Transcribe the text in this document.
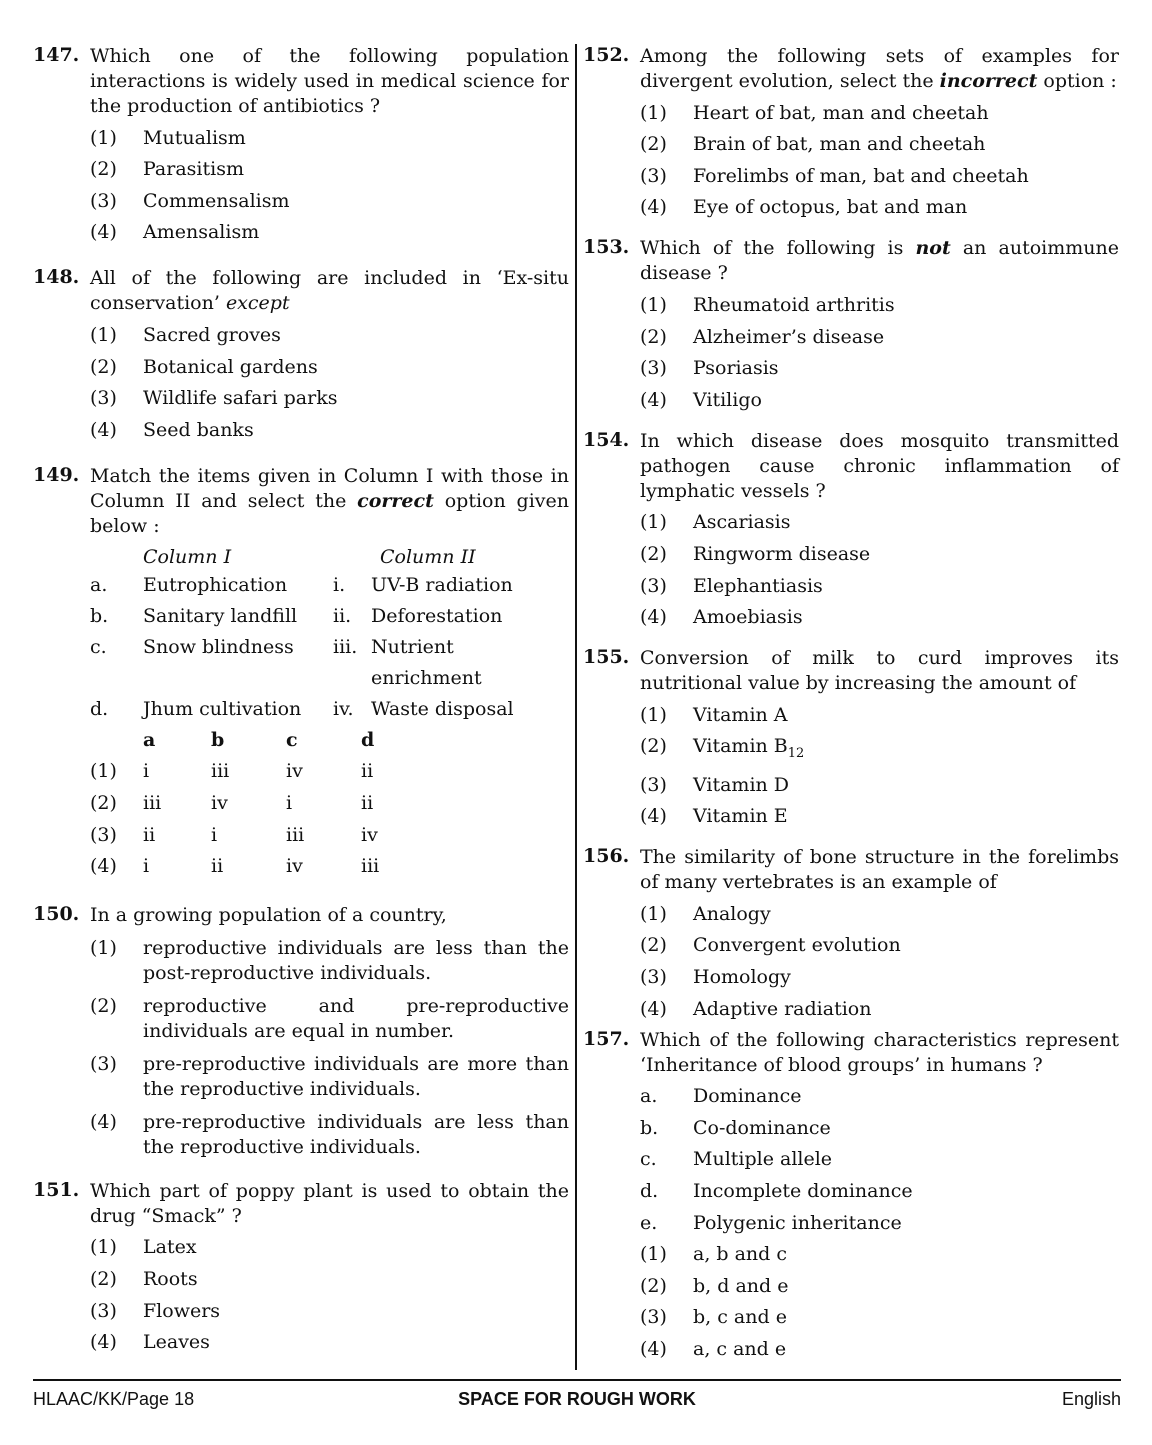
147. Which one of the following population interactions is widely used in medical science for the production of antibiotics ?
(1) Mutualism
(2) Parasitism
(3) Commensalism
(4) Amensalism
148. All of the following are included in ‘Ex-situ conservation’ except
(1) Sacred groves
(2) Botanical gardens
(3) Wildlife safari parks
(4) Seed banks
149. Match the items given in Column I with those in Column II and select the correct option given below :
Column I	Column II
a.	Eutrophication	i.	UV-B radiation
b.	Sanitary landfill	ii.	Deforestation
c.	Snow blindness	iii. Nutrient enrichment
d.	Jhum cultivation	iv. Waste disposal
a	b	c	d
(1)	i	iii	iv	ii
(2)	iii	iv	i	ii
(3)	ii	i	iii	iv
(4)	i	ii	iv	iii
150. In a growing population of a country,
(1) reproductive individuals are less than the post-reproductive individuals.
(2) reproductive and pre-reproductive individuals are equal in number.
(3) pre-reproductive individuals are more than the reproductive individuals.
(4) pre-reproductive individuals are less than the reproductive individuals.
151. Which part of poppy plant is used to obtain the drug “Smack” ?
(1) Latex
(2) Roots
(3) Flowers
(4) Leaves
152. Among the following sets of examples for divergent evolution, select the incorrect option :
(1) Heart of bat, man and cheetah
(2) Brain of bat, man and cheetah
(3) Forelimbs of man, bat and cheetah
(4) Eye of octopus, bat and man
153. Which of the following is not an autoimmune disease ?
(1) Rheumatoid arthritis
(2) Alzheimer’s disease
(3) Psoriasis
(4) Vitiligo
154. In which disease does mosquito transmitted pathogen cause chronic inflammation of lymphatic vessels ?
(1) Ascariasis
(2) Ringworm disease
(3) Elephantiasis
(4) Amoebiasis
155. Conversion of milk to curd improves its nutritional value by increasing the amount of
(1) Vitamin A
(2) Vitamin $B_{12}$
(3) Vitamin D
(4) Vitamin E
156. The similarity of bone structure in the forelimbs of many vertebrates is an example of
(1) Analogy
(2) Convergent evolution
(3) Homology
(4) Adaptive radiation
157. Which of the following characteristics represent ‘Inheritance of blood groups’ in humans ?
a. Dominance
b. Co-dominance
c. Multiple allele
d. Incomplete dominance
e. Polygenic inheritance
(1) a, b and c
(2) b, d and e
(3) b, c and e
(4) a, c and e
HLAAC/KK/Page 18	SPACE FOR ROUGH WORK	English
